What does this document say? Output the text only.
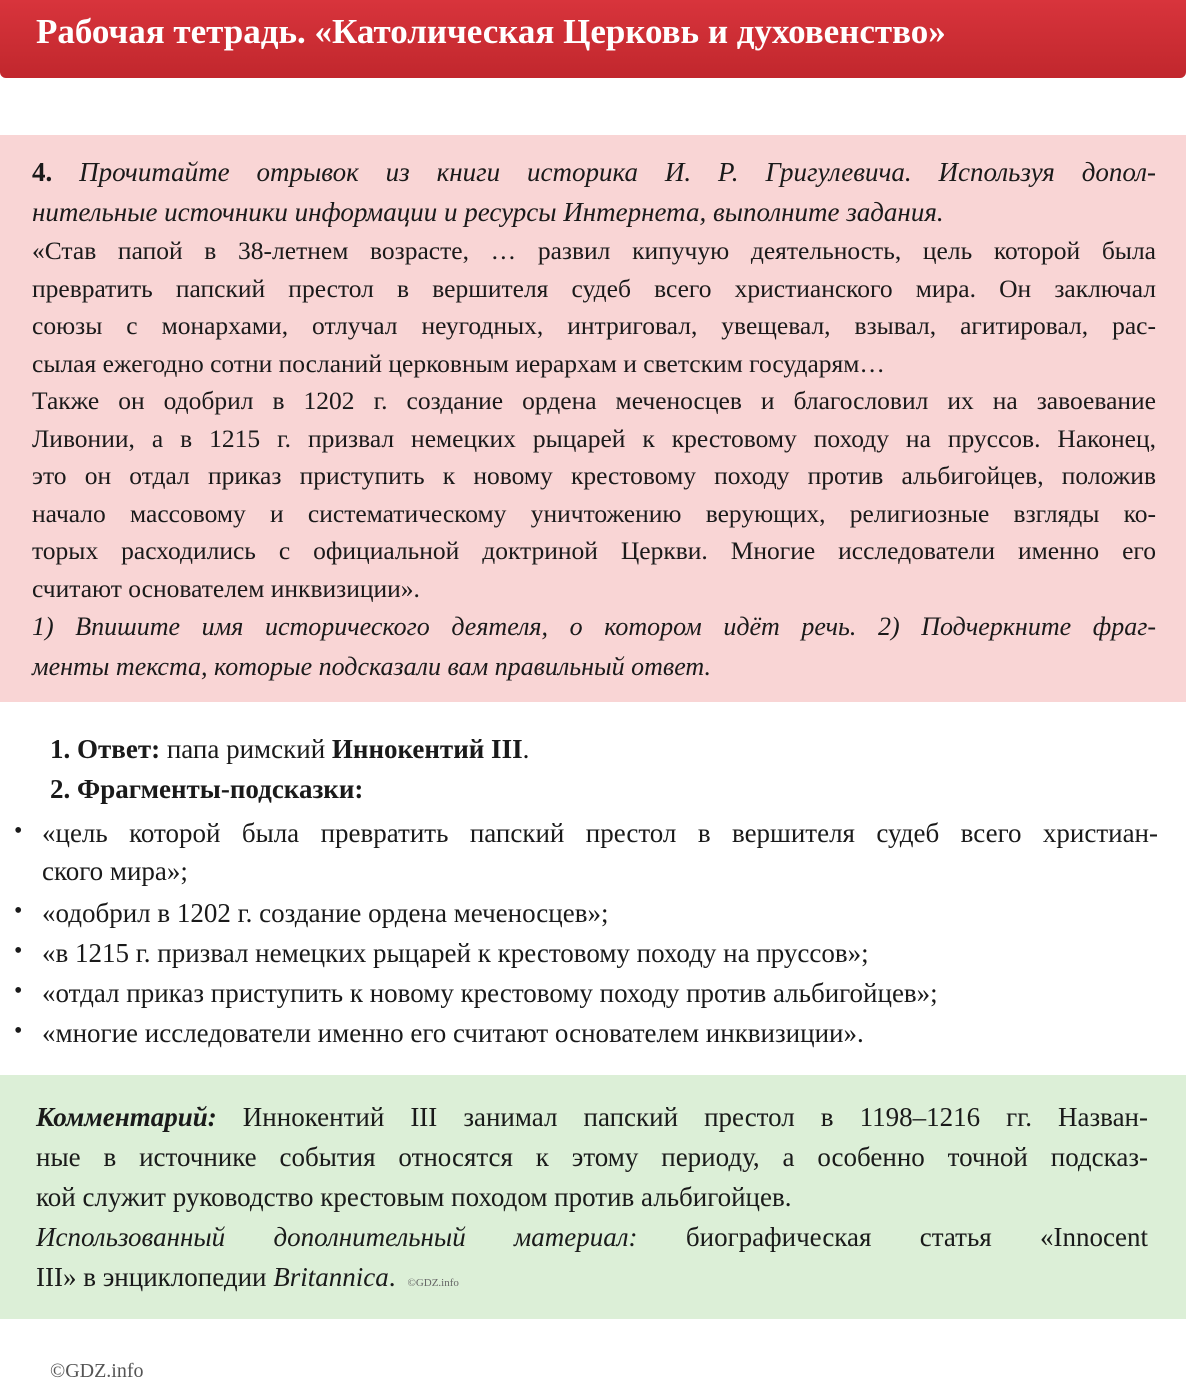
Рабочая тетрадь. «Католическая Церковь и духовенство»
4. Прочитайте отрывок из книги историка И. Р. Григулевича. Используя допол-
нительные источники информации и ресурсы Интернета, выполните задания.
«Став папой в 38-летнем возрасте, … развил кипучую деятельность, цель которой была
превратить папский престол в вершителя судеб всего христианского мира. Он заключал
союзы с монархами, отлучал неугодных, интриговал, увещевал, взывал, агитировал, рас-
сылая ежегодно сотни посланий церковным иерархам и светским государям…
Также он одобрил в 1202 г. создание ордена меченосцев и благословил их на завоевание
Ливонии, а в 1215 г. призвал немецких рыцарей к крестовому походу на пруссов. Наконец,
это он отдал приказ приступить к новому крестовому походу против альбигойцев, положив
начало массовому и систематическому уничтожению верующих, религиозные взгляды ко-
торых расходились с официальной доктриной Церкви. Многие исследователи именно его
считают основателем инквизиции».
1) Впишите имя исторического деятеля, о котором идёт речь. 2) Подчеркните фраг-
менты текста, которые подсказали вам правильный ответ.
1. Ответ: папа римский Иннокентий III.
2. Фрагменты-подсказки:
• «цель которой была превратить папский престол в вершителя судеб всего христиан-
ского мира»;
• «одобрил в 1202 г. создание ордена меченосцев»;
• «в 1215 г. призвал немецких рыцарей к крестовому походу на пруссов»;
• «отдал приказ приступить к новому крестовому походу против альбигойцев»;
• «многие исследователи именно его считают основателем инквизиции».
Комментарий: Иннокентий III занимал папский престол в 1198–1216 гг. Назван-
ные в источнике события относятся к этому периоду, а особенно точной подсказ-
кой служит руководство крестовым походом против альбигойцев.
Использованный дополнительный материал: биографическая статья «Innocent
III» в энциклопедии Britannica. ©GDZ.info
©GDZ.info
